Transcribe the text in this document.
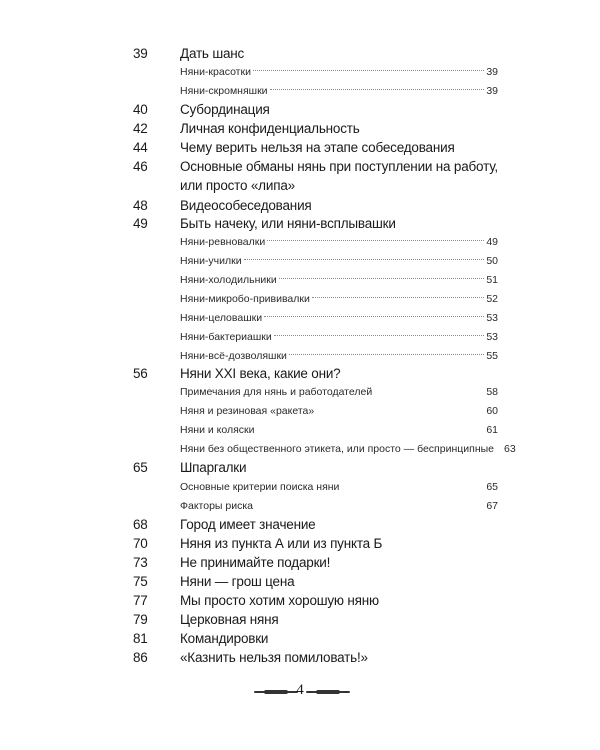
39 Дать шанс
Няни-красотки	39
Няни-скромняшки	39
40 Субординация
42 Личная конфиденциальность
44 Чему верить нельзя на этапе собеседования
46 Основные обманы нянь при поступлении на работу,
или просто «липа»
48 Видеособеседования
49 Быть начеку, или няни-всплывашки
Няни-ревновалки	49
Няни-училки	50
Няни-холодильники	51
Няни-микробо-прививалки	52
Няни-целовашки	53
Няни-бактериашки	53
Няни-всё-дозволяшки	55
56 Няни XXI века, какие они?
Примечания для нянь и работодателей	58
Няня и резиновая «ракета»	60
Няни и коляски	61
Няни без общественного этикета, или просто — беспринципные 63
65 Шпаргалки
Основные критерии поиска няни	65
Факторы риска	67
68 Город имеет значение
70 Няня из пункта А или из пункта Б
73 Не принимайте подарки!
75 Няни — грош цена
77 Мы просто хотим хорошую няню
79 Церковная няня
81 Командировки
86 «Казнить нельзя помиловать!»
4
